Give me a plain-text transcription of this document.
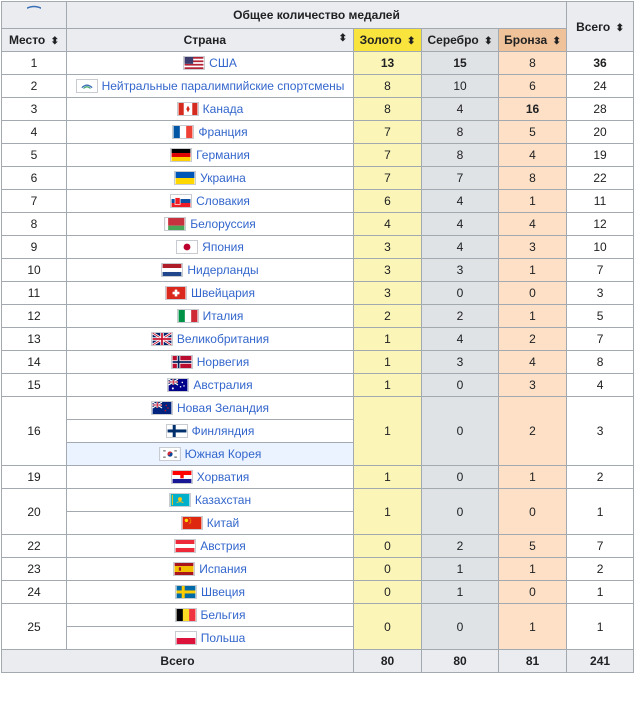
⁀	Общее количество медалей				Всего ⬍
Место ⬍	Страна ⬍	Золото ⬍	Серебро ⬍	Бронза ⬍	
1	США	13	15	8	36
2	Нейтральные паралимпийские спортсмены	8	10	6	24
3	Канада	8	4	16	28
4	Франция	7	8	5	20
5	Германия	7	8	4	19
6	Украина	7	7	8	22
7	Словакия	6	4	1	11
8	Белоруссия	4	4	4	12
9	Япония	3	4	3	10
10	Нидерланды	3	3	1	7
11	Швейцария	3	0	0	3
12	Италия	2	2	1	5
13	Великобритания	1	4	2	7
14	Норвегия	1	3	4	8
15	Австралия	1	0	3	4
16	Новая Зеландия	1	0	2	3
	Финляндия				
	Южная Корея				
19	Хорватия	1	0	1	2
20	Казахстан	1	0	0	1
	Китай				
22	Австрия	0	2	5	7
23	Испания	0	1	1	2
24	Швеция	0	1	0	1
25	Бельгия	0	0	1	1
	Польша				
Всего		80	80	81	241
